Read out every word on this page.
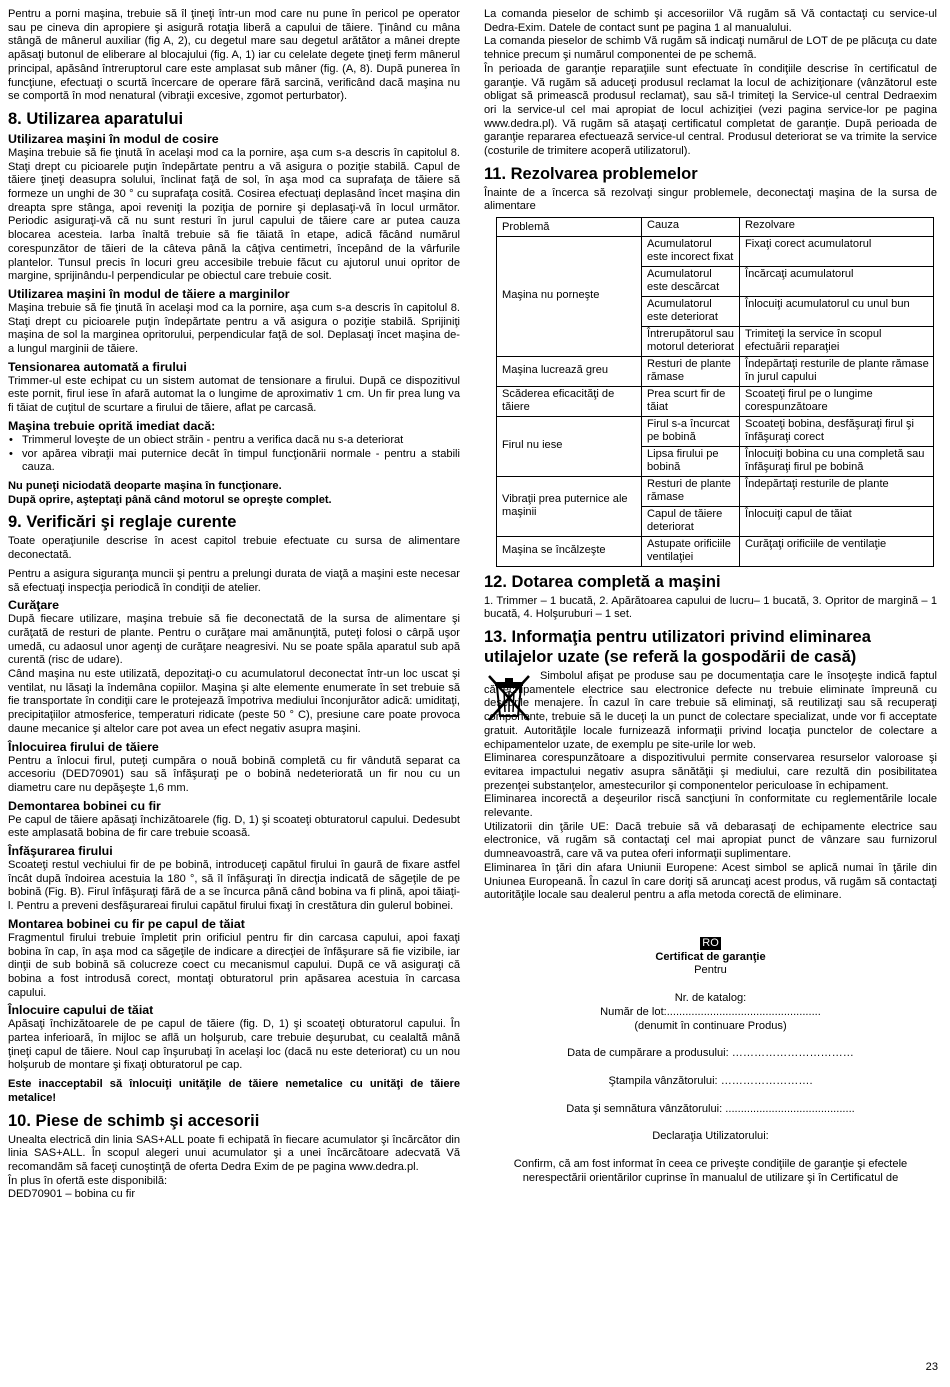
Pentru a porni maşina, trebuie să îl ţineţi într-un mod care nu pune în pericol pe operator sau pe cineva din apropiere şi asigură rotaţia liberă a capului de tăiere. Ţinând cu mâna stângă de mânerul auxiliar (fig A, 2), cu degetul mare sau degetul arătător a mânei drepte apăsaţi butonul de eliberare al blocajului (fig. A, 1) iar cu celelate degete ţineţi ferm mânerul principal, apăsând întreruptorul care este amplasat sub mâner (fig. (A, 8). După punerea în funcţiune, efectuaţi o scurtă încercare de operare fără sarcină, verificând dacă maşina nu se comportă în mod nenatural (vibraţii excesive, zgomot perturbator).

8. Utilizarea aparatului
Utilizarea maşini în modul de cosire

Maşina trebuie să fie ţinută în acelaşi mod ca la pornire, aşa cum s-a descris în capitolul 8. Staţi drept cu picioarele puţin îndepărtate pentru a vă asigura o poziţie stabilă. Capul de tăiere ţineţi deasupra solului, înclinat faţă de sol, în aşa mod ca suprafaţa de tăiere să formeze un unghi de 30 ° cu suprafaţa cosită. Cosirea efectuaţi deplasând încet maşina din dreapta spre stânga, apoi reveniţi la poziţia de pornire şi deplasaţi-vă în locul următor. Periodic asiguraţi-vă că nu sunt resturi în jurul capului de tăiere care ar putea cauza blocarea acesteia. Iarba înaltă trebuie să fie tăiată în etape, adică făcând numărul corespunzător de tăieri de la câteva până la câţiva centimetri, începând de la vârfurile plantelor. Tunsul precis în locuri greu accesibile trebuie făcut cu ajutorul unui opritor de margine, sprijinându-l perpendicular pe obiectul care trebuie cosit.

Utilizarea maşini în modul de tăiere a marginilor

Maşina trebuie să fie ţinută în acelaşi mod ca la pornire, aşa cum s-a descris în capitolul 8. Staţi drept cu picioarele puţin îndepărtate pentru a vă asigura o poziţie stabilă. Sprijiniţi maşina de sol la marginea opritorului, perpendicular faţă de sol. Deplasaţi încet maşina de-a lungul marginii de tăiere.

Tensionarea automată a firului

Trimmer-ul este echipat cu un sistem automat de tensionare a firului. După ce dispozitivul este pornit, firul iese în afară automat la o lungime de aproximativ 1 cm. Un fir prea lung va fi tăiat de cuţitul de scurtare a firului de tăiere, aflat pe carcasă.

Maşina trebuie oprită imediat dacă:
• Trimmerul loveşte de un obiect străin - pentru a verifica dacă nu s-a deteriorat
• vor apărea vibraţii mai puternice decât în timpul funcţionării normale - pentru a stabili cauza.

Nu puneţi niciodată deoparte maşina în funcţionare.

După oprire, aşteptaţi până când motorul se opreşte complet.

9. Verificări şi reglaje curente

Toate operaţiunile descrise în acest capitol trebuie efectuate cu sursa de alimentare deconectată.

Pentru a asigura siguranţa muncii şi pentru a prelungi durata de viaţă a maşini este necesar să efectuaţi inspecţia periodică în condiţii de atelier.

Curăţare

După fiecare utilizare, maşina trebuie să fie deconectată de la sursa de alimentare şi curăţată de resturi de plante. Pentru o curăţare mai amănunţită, puteţi folosi o cârpă uşor umedă, cu adaosul unor agenţi de curăţare neagresivi. Nu se poate spăla aparatul sub apă curentă (risc de udare).

Când maşina nu este utilizată, depozitaţi-o cu acumulatorul deconectat într-un loc uscat şi ventilat, nu lăsaţi la îndemâna copiilor. Maşina şi alte elemente enumerate în set trebuie să fie transportate în condiţii care le protejează împotriva mediului înconjurător adică: umiditaţi, precipitaţiilor atmosferice, temperaturi ridicate (peste 50 ° C), presiune care poate provoca daune mecanice şi altelor care pot avea un efect negativ asupra maşini.

Înlocuirea firului de tăiere

Pentru a înlocui firul, puteţi cumpăra o nouă bobină completă cu fir vândută separat ca accesoriu (DED70901) sau să înfăşuraţi pe o bobină nedeteriorată un fir nou cu un diametru care nu depăşeşte 1,6 mm.

Demontarea bobinei cu fir

Pe capul de tăiere apăsaţi închizătoarele (fig. D, 1) şi scoateţi obturatorul capului. Dedesubt este amplasată bobina de fir care trebuie scoasă.

Înfăşurarea firului

Scoateţi restul vechiului fir de pe bobină, introduceţi capătul firului în gaură de fixare astfel încât după îndoirea acestuia la 180 °, să îl înfăşuraţi în direcţia indicată de săgeţile de pe bobină (Fig. B). Firul înfăşuraţi fără de a se încurca până când bobina va fi plină, apoi tăiaţi-l. Pentru a preveni desfăşurareai firului capătul firului fixaţi în crestătura din gulerul bobinei.

Montarea bobinei cu fir pe capul de tăiat

Fragmentul firului trebuie împletit prin orificiul pentru fir din carcasa capului, apoi faxaţi bobina în cap, în aşa mod ca săgeţile de indicare a direcţiei de înfăşurare să fie vizibile, iar dinţii de sub bobină să colucreze coect cu mecanismul capului. După ce vă asiguraţi că bobina a fost introdusă corect, montaţi obturatorul prin apăsarea acestuia în carcasa capului.

Înlocuire capului de tăiat

Apăsaţi închizătoarele de pe capul de tăiere (fig. D, 1) şi scoateţi obturatorul capului. În partea inferioară, în mijloc se află un holşurub, care trebuie deşurubat, cu cealaltă mână ţineţi capul de tăiere. Noul cap înşurubaţi în acelaşi loc (dacă nu este deteriorat) cu un nou holşurub de montare şi fixaţi obturatorul pe cap.

Este inacceptabil să înlocuiţi unităţile de tăiere nemetalice cu unităţi de tăiere metalice!

10. Piese de schimb şi accesorii

Unealta electrică din linia SAS+ALL poate fi echipată în fiecare acumulator şi încărcător din linia SAS+ALL. În scopul alegeri unui acumulator şi a unei încărcătoare adecvată Vă recomandăm să faceţi cunoştinţă de oferta Dedra Exim de pe pagina www.dedra.pl.

În plus în ofertă este disponibilă:

DED70901 – bobina cu fir

La comanda pieselor de schimb şi accesoriilor Vă rugăm să Vă contactaţi cu service-ul Dedra-Exim. Datele de contact sunt pe pagina 1 al manualului.

La comanda pieselor de schimb Vă rugăm să indicaţi numărul de LOT de pe plăcuţa cu date tehnice precum şi numărul componentei de pe schemă.

În perioada de garanţie reparaţiile sunt efectuate în condiţiile descrise în certificatul de garanţie. Vă rugăm să aduceţi produsul reclamat la locul de achiziţionare (vânzătorul este obligat să primească produsul reclamat), sau să-l trimiteţi la Service-ul central Dedraexim ori la service-ul cel mai apropiat de locul achiziţiei (vezi pagina service-lor pe pagina www.dedra.pl). Vă rugăm să ataşaţi certificatul completat de garanţie. După perioada de garanţie repararea efectuează service-ul central. Produsul deteriorat se va trimite la service (costurile de trimitere acoperă utilizatorul).

11. Rezolvarea problemelor

Înainte de a încerca să rezolvaţi singur problemele, deconectaţi maşina de la sursa de alimentare

Problemă	Cauza	Rezolvare
Maşina nu porneşte	Acumulatorul este incorect fixat	Fixaţi corect acumulatorul
	Acumulatorul este descărcat	Încărcaţi acumulatorul
	Acumulatorul este deteriorat	Înlocuiţi acumulatorul cu unul bun
	Întrerupătorul sau motorul deteriorat	Trimiteţi la service în scopul efectuării reparaţiei
Maşina lucrează greu	Resturi de plante rămase	Îndepărtaţi resturile de plante rămase în jurul capului
Scăderea eficacităţi de tăiere	Prea scurt fir de tăiat	Scoateţi firul pe o lungime corespunzătoare
Firul nu iese	Firul s-a încurcat pe bobină	Scoateţi bobina, desfăşuraţi firul şi înfăşuraţi corect
	Lipsa firului pe bobină	Înlocuiţi bobina cu una completă sau înfăşuraţi firul pe bobină
Vibraţii prea puternice ale maşinii	Resturi de plante rămase	Îndepărtaţi resturile de plante
	Capul de tăiere deteriorat	Înlocuiţi capul de tăiat
Maşina se încălzeşte	Astupate orificiile ventilaţiei	Curăţaţi orificiile de ventilaţie
12. Dotarea completă a maşini

1. Trimmer – 1 bucată, 2. Apărătoarea capului de lucru– 1 bucată, 3. Opritor de margină – 1 bucată, 4. Holşuruburi – 1 set.

13. Informaţia pentru utilizatori privind eliminarea utilajelor uzate (se referă la gospodării de casă)

Simbolul afişat pe produse sau pe documentaţia care le însoţeşte indică faptul că echipamentele electrice sau electronice defecte nu trebuie eliminate împreună cu deşeurile menajere. În cazul în care trebuie să eliminaţi, să reutilizaţi sau să recuperaţi componente, trebuie să le duceţi la un punct de colectare specializat, unde vor fi acceptate gratuit. Autorităţile locale furnizează informaţii privind locaţia punctelor de colectare a echipamentelor uzate, de exemplu pe site-urile lor web.

Eliminarea corespunzătoare a dispozitivului permite conservarea resurselor valoroase şi evitarea impactului negativ asupra sănătăţii şi mediului, care rezultă din posibilitatea prezenţei substanţelor, amestecurilor şi componentelor periculoase în echipament.

Eliminarea incorectă a deşeurilor riscă sancţiuni în conformitate cu reglementările locale relevante.

Utilizatorii din ţările UE: Dacă trebuie să vă debarasaţi de echipamente electrice sau electronice, vă rugăm să contactaţi cel mai apropiat punct de vânzare sau furnizorul dumneavoastră, care vă va putea oferi informaţii suplimentare.

Eliminarea în ţări din afara Uniunii Europene: Acest simbol se aplică numai în ţările din Uniunea Europeană. În cazul în care doriţi să aruncaţi acest produs, vă rugăm să contactaţi autorităţile locale sau dealerul pentru a afla metoda corectă de eliminare.

RO
Certificat de garanţie
Pentru
Nr. de katalog:
Număr de lot:..................................................
(denumit în continuare Produs)
Data de cumpărare a produsului: ……………………………
Ştampila vânzătorului: …………………….
Data şi semnătura vânzătorului: ..........................................
Declaraţia Utilizatorului:
Confirm, că am fost informat în ceea ce priveşte condiţiile de garanţie şi efectele nerespectării orientărilor cuprinse în manualul de utilizare şi în Certificatul de
23
